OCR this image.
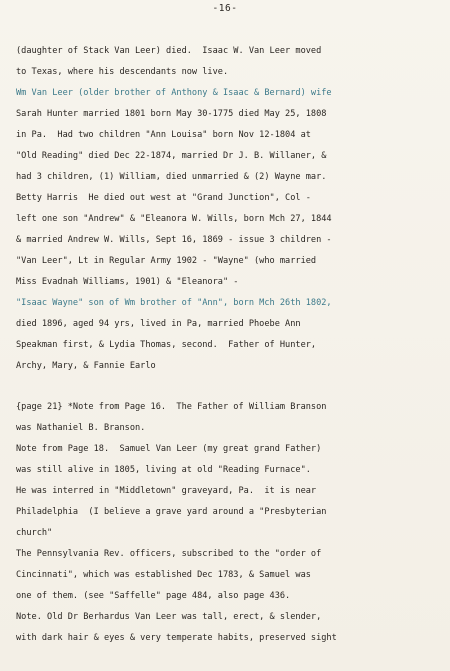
-16-
(daughter of Stack Van Leer) died.  Isaac W. Van Leer moved
to Texas, where his descendants now live.
Wm Van Leer (older brother of Anthony & Isaac & Bernard) wife
Sarah Hunter married 1801 born May 30-1775 died May 25, 1808
in Pa.  Had two children "Ann Louisa" born Nov 12-1804 at
"Old Reading" died Dec 22-1874, married Dr J. B. Willaner, &
had 3 children, (1) William, died unmarried & (2) Wayne mar.
Betty Harris  He died out west at "Grand Junction", Col -
left one son "Andrew" & "Eleanora W. Wills, born Mch 27, 1844
& married Andrew W. Wills, Sept 16, 1869 - issue 3 children -
"Van Leer", Lt in Regular Army 1902 - "Wayne" (who married
Miss Evadnah Williams, 1901) & "Eleanora" -
"Isaac Wayne" son of Wm brother of "Ann", born Mch 26th 1802,
died 1896, aged 94 yrs, lived in Pa, married Phoebe Ann
Speakman first, & Lydia Thomas, second.  Father of Hunter,
Archy, Mary, & Fannie Earlo
{page 21} *Note from Page 16.  The Father of William Branson
was Nathaniel B. Branson.
Note from Page 18.  Samuel Van Leer (my great grand Father)
was still alive in 1805, living at old "Reading Furnace".
He was interred in "Middletown" graveyard, Pa.  it is near
Philadelphia  (I believe a grave yard around a "Presbyterian
church"
The Pennsylvania Rev. officers, subscribed to the "order of
Cincinnati", which was established Dec 1783, & Samuel was
one of them. (see "Saffelle" page 484, also page 436.
Note. Old Dr Berhardus Van Leer was tall, erect, & slender,
with dark hair & eyes & very temperate habits, preserved sight
